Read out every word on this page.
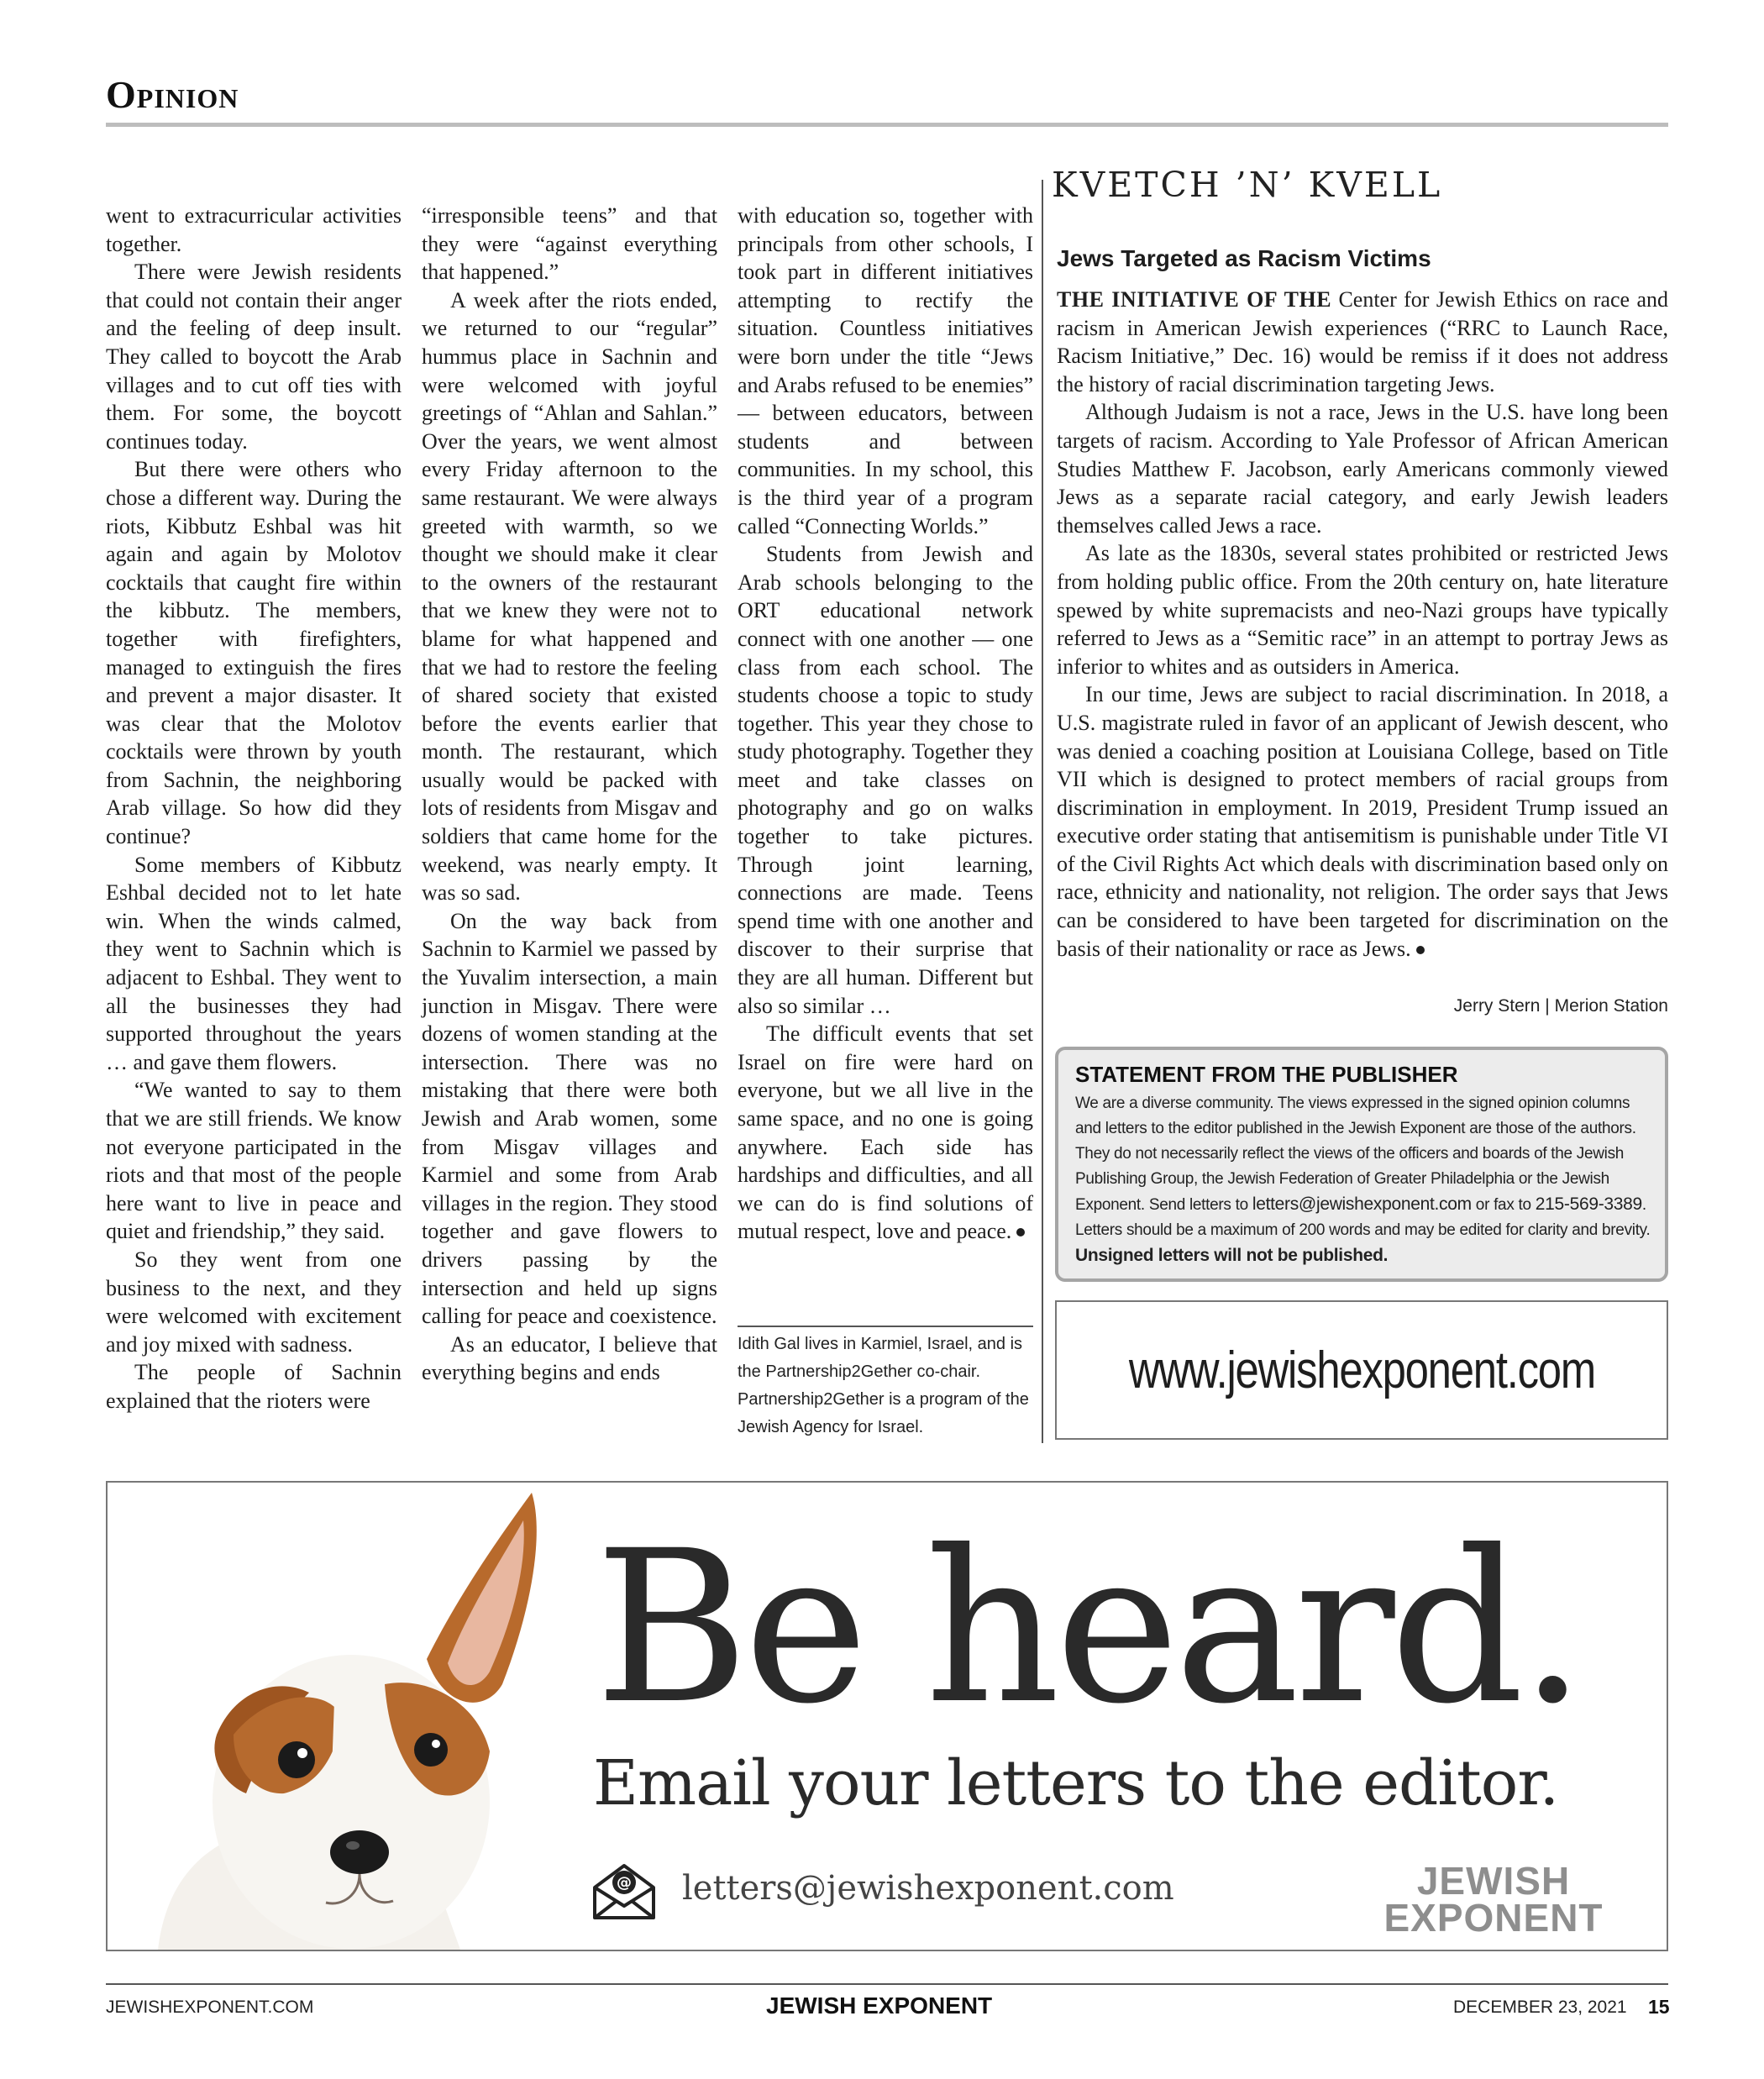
Opinion

went to extracurricular activities together.

There were Jewish residents that could not contain their anger and the feeling of deep insult. They called to boycott the Arab villages and to cut off ties with them. For some, the boycott continues today.

But there were others who chose a different way. During the riots, Kibbutz Eshbal was hit again and again by Molotov cocktails that caught fire within the kibbutz. The members, together with firefighters, managed to extinguish the fires and prevent a major disaster. It was clear that the Molotov cocktails were thrown by youth from Sachnin, the neighboring Arab village. So how did they continue?

Some members of Kibbutz Eshbal decided not to let hate win. When the winds calmed, they went to Sachnin which is adjacent to Eshbal. They went to all the businesses they had supported throughout the years … and gave them flowers.

“We wanted to say to them that we are still friends. We know not everyone participated in the riots and that most of the people here want to live in peace and quiet and friendship,” they said.

So they went from one business to the next, and they were welcomed with excitement and joy mixed with sadness.

The people of Sachnin explained that the rioters were

“irresponsible teens” and that they were “against everything that happened.”

A week after the riots ended, we returned to our “regular” hummus place in Sachnin and were welcomed with joyful greetings of “Ahlan and Sahlan.” Over the years, we went almost every Friday afternoon to the same restaurant. We were always greeted with warmth, so we thought we should make it clear to the owners of the restaurant that we knew they were not to blame for what happened and that we had to restore the feeling of shared society that existed before the events earlier that month. The restaurant, which usually would be packed with lots of residents from Misgav and soldiers that came home for the weekend, was nearly empty. It was so sad.

On the way back from Sachnin to Karmiel we passed by the Yuvalim intersection, a main junction in Misgav. There were dozens of women standing at the intersection. There was no mistaking that there were both Jewish and Arab women, some from Misgav villages and Karmiel and some from Arab villages in the region. They stood together and gave flowers to drivers passing by the intersection and held up signs calling for peace and coexistence.

As an educator, I believe that everything begins and ends

with education so, together with principals from other schools, I took part in different initiatives attempting to rectify the situation. Countless initiatives were born under the title “Jews and Arabs refused to be enemies” — between educators, between students and between communities. In my school, this is the third year of a program called “Connecting Worlds.”

Students from Jewish and Arab schools belonging to the ORT educational network connect with one another — one class from each school. The students choose a topic to study together. This year they chose to study photography. Together they meet and take classes on photography and go on walks together to take pictures. Through joint learning, connections are made. Teens spend time with one another and discover to their surprise that they are all human. Different but also so similar …

The difficult events that set Israel on fire were hard on everyone, but we all live in the same space, and no one is going anywhere. Each side has hardships and difficulties, and all we can do is find solutions of mutual respect, love and peace.

Idith Gal lives in Karmiel, Israel, and is the Partnership2Gether co-chair. Partnership2Gether is a program of the Jewish Agency for Israel.
KVETCH ’N’ KVELL
Jews Targeted as Racism Victims

THE INITIATIVE OF THE Center for Jewish Ethics on race and racism in American Jewish experiences (“RRC to Launch Race, Racism Initiative,” Dec. 16) would be remiss if it does not address the history of racial discrimination targeting Jews.

Although Judaism is not a race, Jews in the U.S. have long been targets of racism. According to Yale Professor of African American Studies Matthew F. Jacobson, early Americans commonly viewed Jews as a separate racial category, and early Jewish leaders themselves called Jews a race.

As late as the 1830s, several states prohibited or restricted Jews from holding public office. From the 20th century on, hate literature spewed by white supremacists and neo-Nazi groups have typically referred to Jews as a “Semitic race” in an attempt to portray Jews as inferior to whites and as outsiders in America.

In our time, Jews are subject to racial discrimination. In 2018, a U.S. magistrate ruled in favor of an applicant of Jewish descent, who was denied a coaching position at Louisiana College, based on Title VII which is designed to protect members of racial groups from discrimination in employment. In 2019, President Trump issued an executive order stating that antisemitism is punishable under Title VI of the Civil Rights Act which deals with discrimination based only on race, ethnicity and nationality, not religion. The order says that Jews can be considered to have been targeted for discrimination on the basis of their nationality or race as Jews.

Jerry Stern | Merion Station
STATEMENT FROM THE PUBLISHER

We are a diverse community. The views expressed in the signed opinion columns and letters to the editor published in the Jewish Exponent are those of the authors. They do not necessarily reflect the views of the officers and boards of the Jewish Publishing Group, the Jewish Federation of Greater Philadelphia or the Jewish Exponent. Send letters to letters@jewishexponent.com or fax to 215-569-3389. Letters should be a maximum of 200 words and may be edited for clarity and brevity. Unsigned letters will not be published.

www.jewishexponent.com
Be heard.
Email your letters to the editor.
@ letters@jewishexponent.com	JEWISH
EXPONENT
JEWISHEXPONENT.COM	JEWISH EXPONENT	DECEMBER 23, 2021 15
